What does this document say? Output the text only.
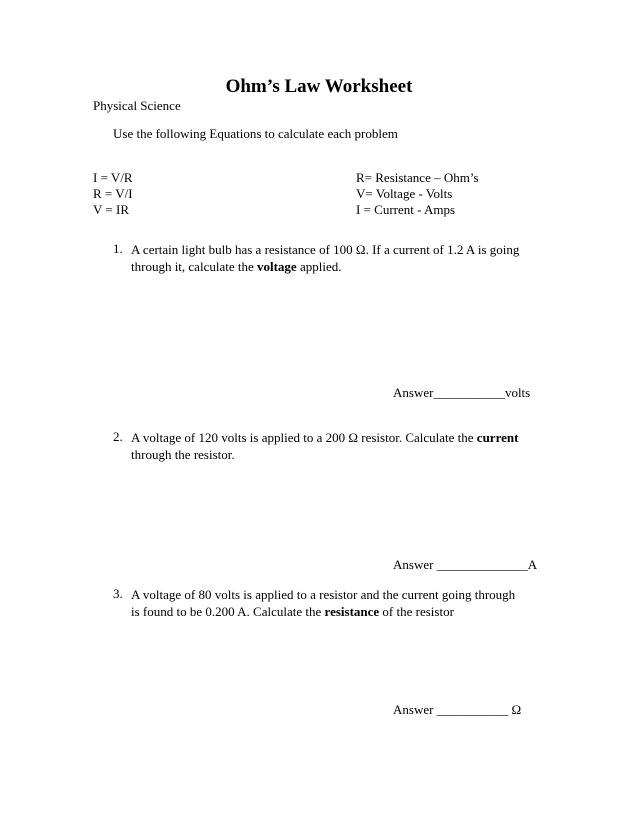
Ohm’s Law Worksheet
Physical Science
Use the following Equations to calculate each problem
I = V/R
R = V/I
V = IR
R= Resistance – Ohm’s
V= Voltage - Volts
I = Current - Amps
1. A certain light bulb has a resistance of 100 Ω. If a current of 1.2 A is going through it, calculate the voltage applied.
Answer___________volts
2. A voltage of 120 volts is applied to a 200 Ω resistor. Calculate the current through the resistor.
Answer ______________A
3. A voltage of 80 volts is applied to a resistor and the current going through is found to be 0.200 A. Calculate the resistance of the resistor
Answer ___________ Ω
